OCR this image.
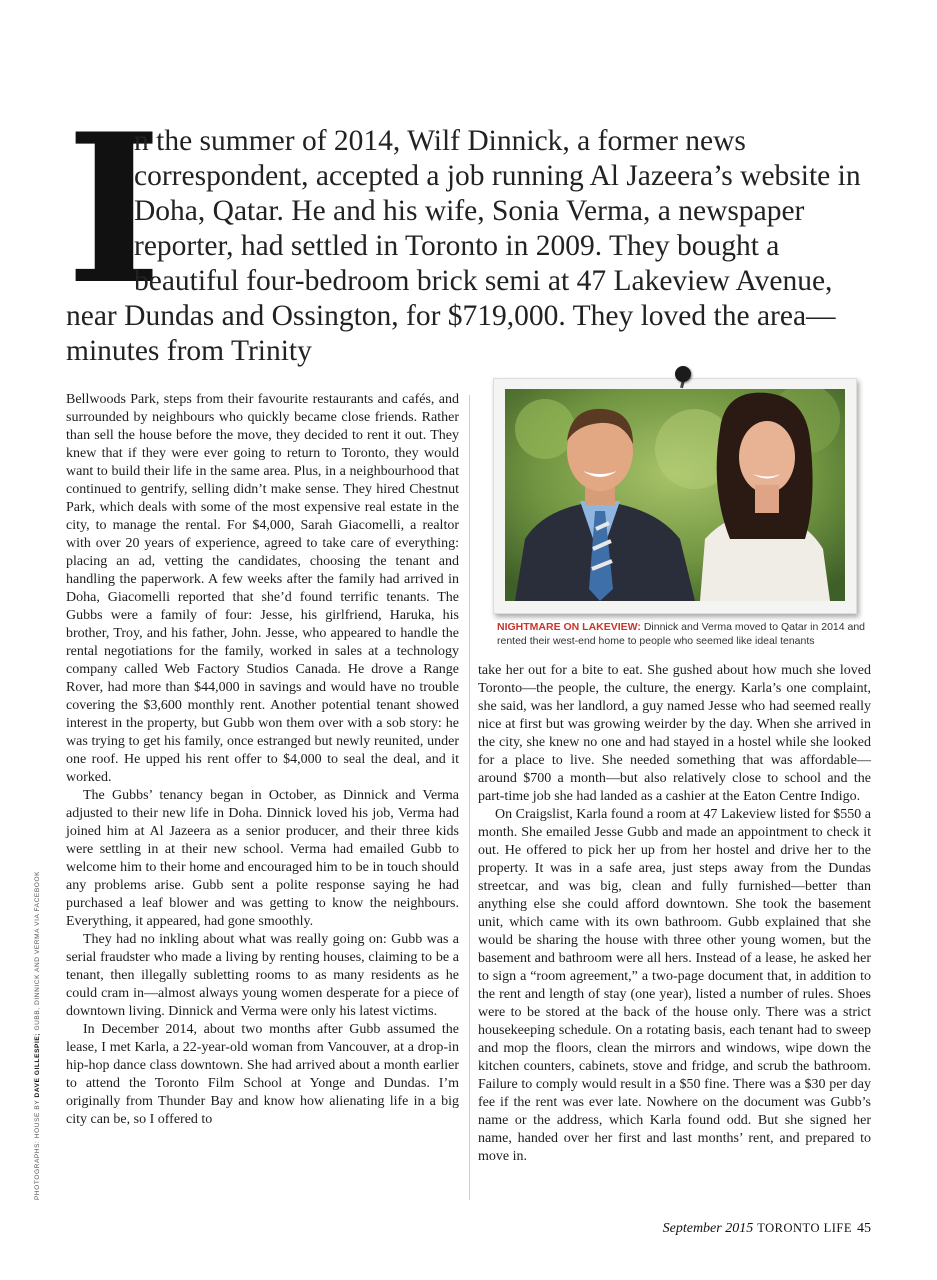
I
n the summer of 2014, Wilf Dinnick, a former news correspondent, accepted a job running Al Jazeera’s website in Doha, Qatar. He and his wife, Sonia Verma, a newspaper reporter, had settled in Toronto in 2009. They bought a beautiful four-bedroom brick semi at 47 Lakeview Avenue, near Dundas and Ossington, for $719,000. They loved the area—minutes from Trinity

Bellwoods Park, steps from their favourite restaurants and cafés, and surrounded by neighbours who quickly became close friends. Rather than sell the house before the move, they decided to rent it out. They knew that if they were ever going to return to Toronto, they would want to build their life in the same area. Plus, in a neighbourhood that continued to gentrify, selling didn’t make sense. They hired Chestnut Park, which deals with some of the most expensive real estate in the city, to manage the rental. For $4,000, Sarah Giacomelli, a realtor with over 20 years of experience, agreed to take care of everything: placing an ad, vetting the candidates, choosing the tenant and handling the paperwork. A few weeks after the family had arrived in Doha, Giacomelli reported that she’d found terrific tenants. The Gubbs were a family of four: Jesse, his girlfriend, Haruka, his brother, Troy, and his father, John. Jesse, who appeared to handle the rental negotiations for the family, worked in sales at a technology company called Web Factory Studios Canada. He drove a Range Rover, had more than $44,000 in savings and would have no trouble covering the $3,600 monthly rent. Another potential tenant showed interest in the property, but Gubb won them over with a sob story: he was trying to get his family, once estranged but newly reunited, under one roof. He upped his rent offer to $4,000 to seal the deal, and it worked.

The Gubbs’ tenancy began in October, as Dinnick and Verma adjusted to their new life in Doha. Dinnick loved his job, Verma had joined him at Al Jazeera as a senior producer, and their three kids were settling in at their new school. Verma had emailed Gubb to welcome him to their home and encouraged him to be in touch should any problems arise. Gubb sent a polite response saying he had purchased a leaf blower and was getting to know the neighbours. Everything, it appeared, had gone smoothly.

They had no inkling about what was really going on: Gubb was a serial fraudster who made a living by renting houses, claiming to be a tenant, then illegally subletting rooms to as many residents as he could cram in—almost always young women desperate for a piece of downtown living. Dinnick and Verma were only his latest victims.

In December 2014, about two months after Gubb assumed the lease, I met Karla, a 22-year-old woman from Vancouver, at a drop-in hip-hop dance class downtown. She had arrived about a month earlier to attend the Toronto Film School at Yonge and Dundas. I’m originally from Thunder Bay and know how alienating life in a big city can be, so I offered to

NIGHTMARE ON LAKEVIEW: Dinnick and Verma moved to Qatar in 2014 and rented their west-end home to people who seemed like ideal tenants

take her out for a bite to eat. She gushed about how much she loved Toronto—the people, the culture, the energy. Karla’s one complaint, she said, was her landlord, a guy named Jesse who had seemed really nice at first but was growing weirder by the day. When she arrived in the city, she knew no one and had stayed in a hostel while she looked for a place to live. She needed something that was affordable—around $700 a month—but also relatively close to school and the part-time job she had landed as a cashier at the Eaton Centre Indigo.

On Craigslist, Karla found a room at 47 Lakeview listed for $550 a month. She emailed Jesse Gubb and made an appointment to check it out. He offered to pick her up from her hostel and drive her to the property. It was in a safe area, just steps away from the Dundas streetcar, and was big, clean and fully furnished—better than anything else she could afford downtown. She took the basement unit, which came with its own bathroom. Gubb explained that she would be sharing the house with three other young women, but the basement and bathroom were all hers. Instead of a lease, he asked her to sign a “room agreement,” a two-page document that, in addition to the rent and length of stay (one year), listed a number of rules. Shoes were to be stored at the back of the house only. There was a strict housekeeping schedule. On a rotating basis, each tenant had to sweep and mop the floors, clean the mirrors and windows, wipe down the kitchen counters, cabinets, stove and fridge, and scrub the bathroom. Failure to comply would result in a $50 fine. There was a $30 per day fee if the rent was ever late. Nowhere on the document was Gubb’s name or the address, which Karla found odd. But she signed her name, handed over her first and last months’ rent, and prepared to move in.

PHOTOGRAPHS: HOUSE BY DAVE GILLESPIE; GUBB, DINNICK AND VERMA VIA FACEBOOK
September 2015 TORONTO LIFE 45
